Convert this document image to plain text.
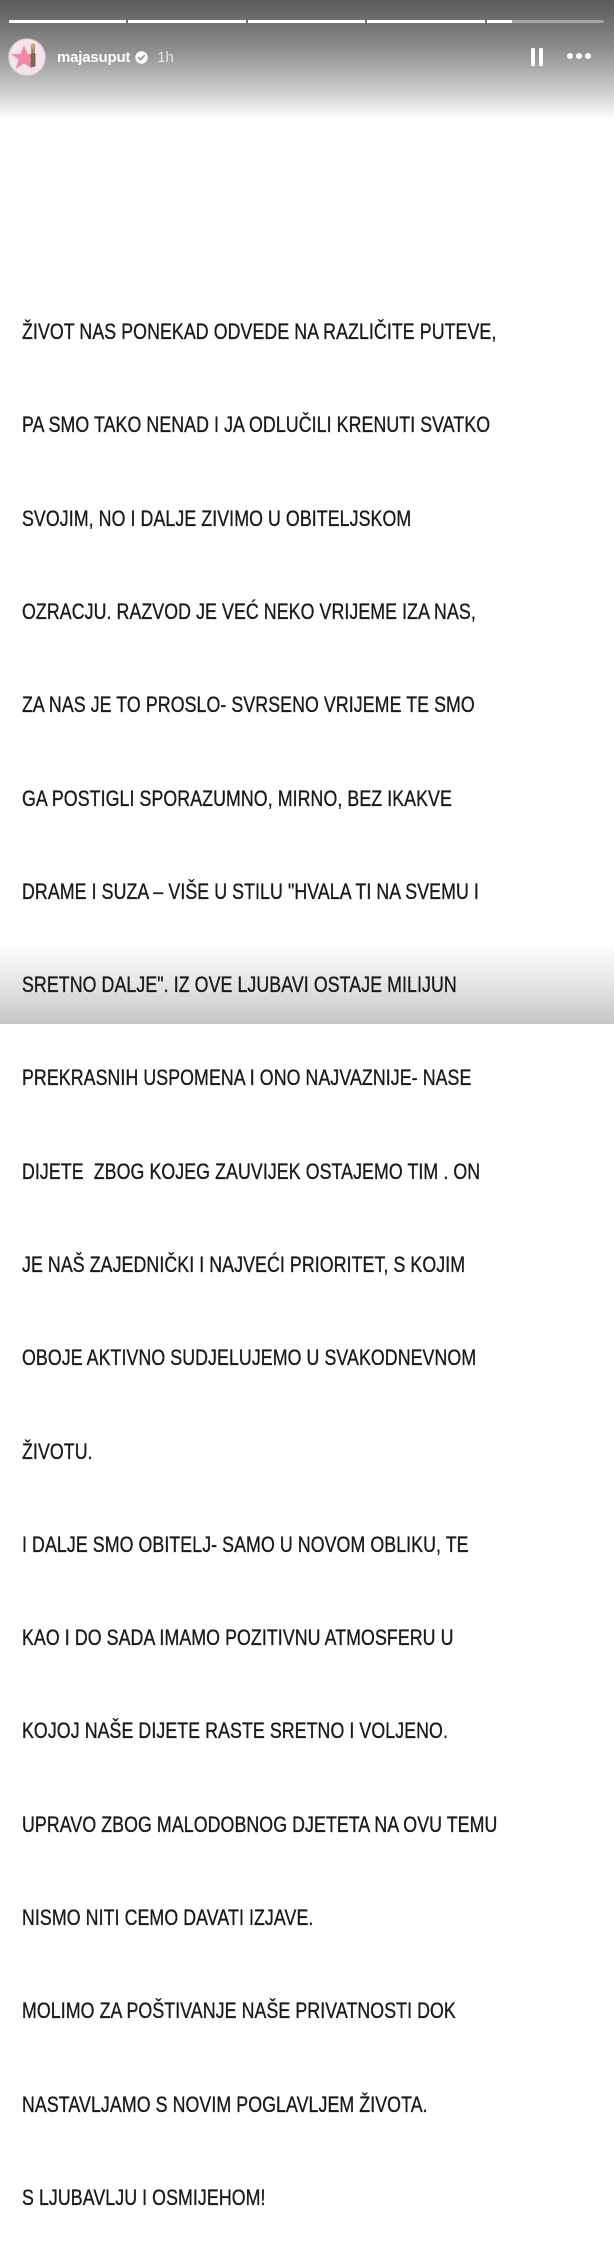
majasuput 1h

ŽIVOT NAS PONEKAD ODVEDE NA RAZLIČITE PUTEVE,

PA SMO TAKO NENAD I JA ODLUČILI KRENUTI SVATKO

SVOJIM, NO I DALJE ZIVIMO U OBITELJSKOM

OZRACJU. RAZVOD JE VEĆ NEKO VRIJEME IZA NAS,

ZA NAS JE TO PROSLO- SVRSENO VRIJEME TE SMO

GA POSTIGLI SPORAZUMNO, MIRNO, BEZ IKAKVE

DRAME I SUZA – VIŠE U STILU "HVALA TI NA SVEMU I

SRETNO DALJE". IZ OVE LJUBAVI OSTAJE MILIJUN

PREKRASNIH USPOMENA I ONO NAJVAZNIJE- NASE

DIJETE  ZBOG KOJEG ZAUVIJEK OSTAJEMO TIM . ON

JE NAŠ ZAJEDNIČKI I NAJVEĆI PRIORITET, S KOJIM

OBOJE AKTIVNO SUDJELUJEMO U SVAKODNEVNOM

ŽIVOTU.

I DALJE SMO OBITELJ- SAMO U NOVOM OBLIKU, TE

KAO I DO SADA IMAMO POZITIVNU ATMOSFERU U

KOJOJ NAŠE DIJETE RASTE SRETNO I VOLJENO.

UPRAVO ZBOG MALODOBNOG DJETETA NA OVU TEMU

NISMO NITI CEMO DAVATI IZJAVE.

MOLIMO ZA POŠTIVANJE NAŠE PRIVATNOSTI DOK

NASTAVLJAMO S NOVIM POGLAVLJEM ŽIVOTA.

S LJUBAVLJU I OSMIJEHOM!
